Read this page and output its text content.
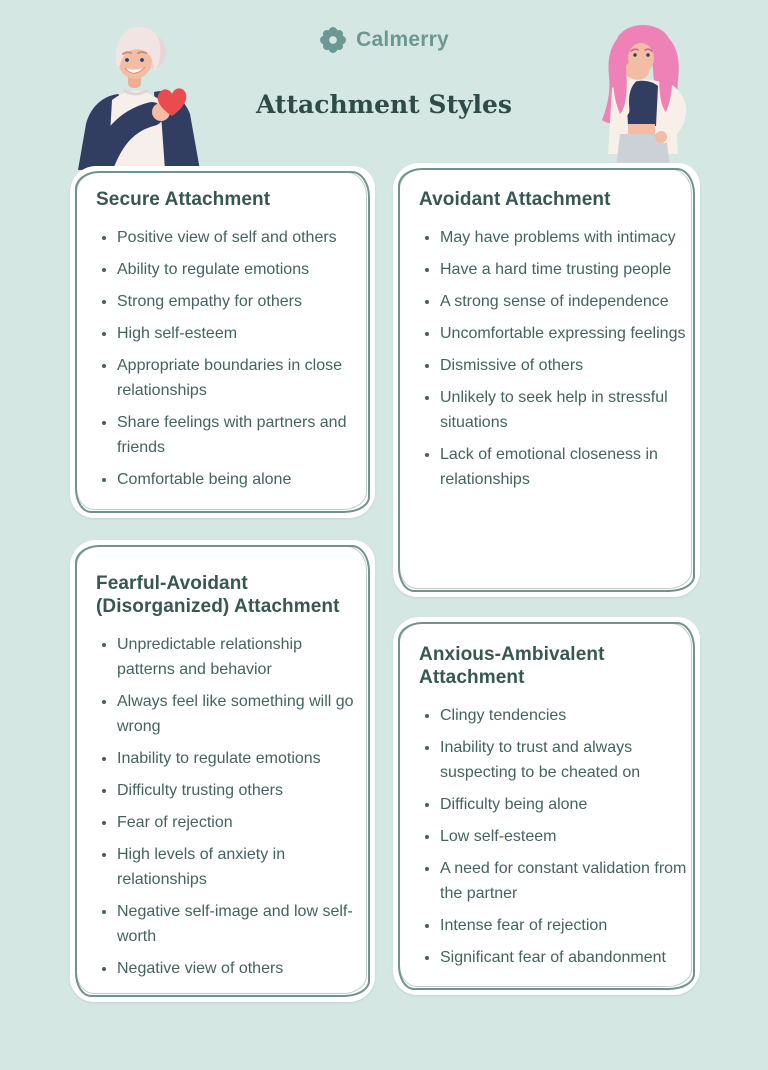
Calmerry
Attachment Styles
Secure Attachment
• Positive view of self and others
• Ability to regulate emotions
• Strong empathy for others
• High self-esteem
• Appropriate boundaries in close relationships
• Share feelings with partners and friends
• Comfortable being alone
Avoidant Attachment
• May have problems with intimacy
• Have a hard time trusting people
• A strong sense of independence
• Uncomfortable expressing feelings
• Dismissive of others
• Unlikely to seek help in stressful situations
• Lack of emotional closeness in relationships
Fearful-Avoidant (Disorganized) Attachment
• Unpredictable relationship patterns and behavior
• Always feel like something will go wrong
• Inability to regulate emotions
• Difficulty trusting others
• Fear of rejection
• High levels of anxiety in relationships
• Negative self-image and low self-worth
• Negative view of others
Anxious-Ambivalent Attachment
• Clingy tendencies
• Inability to trust and always suspecting to be cheated on
• Difficulty being alone
• Low self-esteem
• A need for constant validation from the partner
• Intense fear of rejection
• Significant fear of abandonment
